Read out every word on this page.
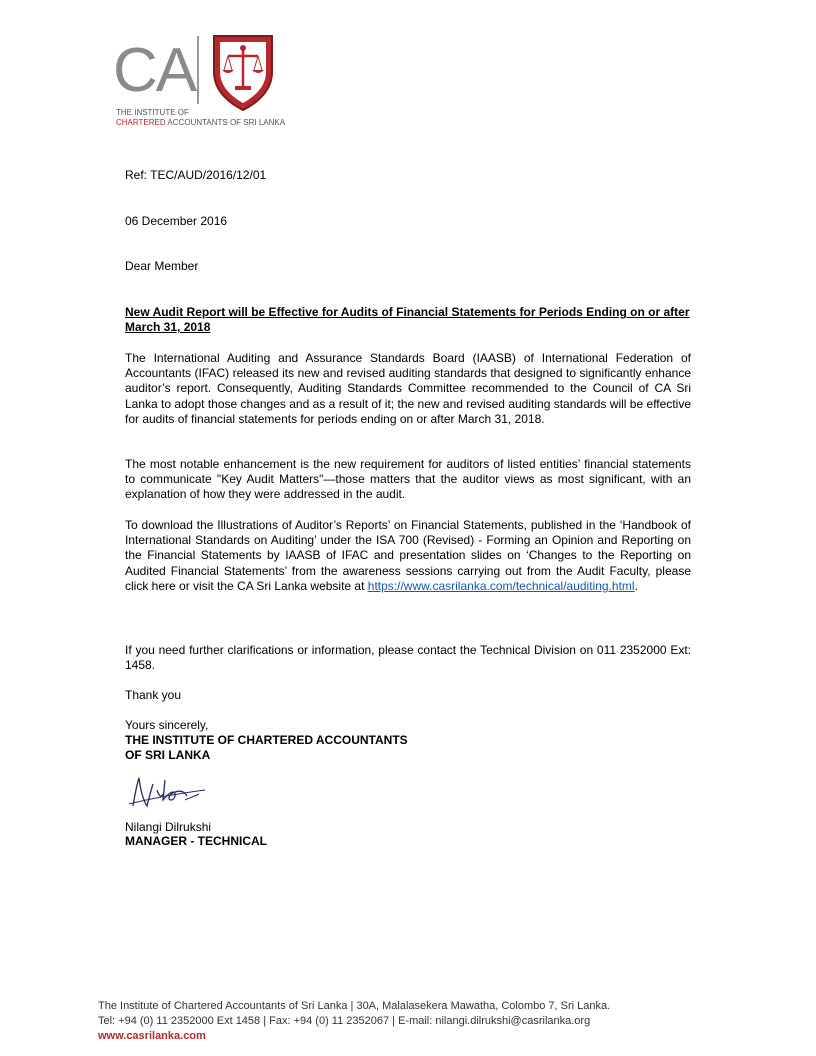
CA
THE INSTITUTE OF
CHARTERED ACCOUNTANTS OF SRI LANKA
Ref: TEC/AUD/2016/12/01
06 December 2016
Dear Member
New Audit Report will be Effective for Audits of Financial Statements for Periods Ending on or after March 31, 2018
The International Auditing and Assurance Standards Board (IAASB) of International Federation of Accountants (IFAC) released its new and revised auditing standards that designed to significantly enhance auditor’s report. Consequently, Auditing Standards Committee recommended to the Council of CA Sri Lanka to adopt those changes and as a result of it; the new and revised auditing standards will be effective for audits of financial statements for periods ending on or after March 31, 2018.
The most notable enhancement is the new requirement for auditors of listed entities’ financial statements to communicate "Key Audit Matters"—those matters that the auditor views as most significant, with an explanation of how they were addressed in the audit.
To download the Illustrations of Auditor’s Reports’ on Financial Statements, published in the ‘Handbook of International Standards on Auditing’ under the ISA 700 (Revised) - Forming an Opinion and Reporting on the Financial Statements by IAASB of IFAC and presentation slides on ‘Changes to the Reporting on Audited Financial Statements’ from the awareness sessions carrying out from the Audit Faculty, please click here or visit the CA Sri Lanka website at https://www.casrilanka.com/technical/auditing.html.
If you need further clarifications or information, please contact the Technical Division on 011 2352000 Ext: 1458.
Thank you
Yours sincerely,
THE INSTITUTE OF CHARTERED ACCOUNTANTS
OF SRI LANKA
Nilangi Dilrukshi
MANAGER - TECHNICAL
The Institute of Chartered Accountants of Sri Lanka | 30A, Malalasekera Mawatha, Colombo 7, Sri Lanka.
Tel: +94 (0) 11 2352000 Ext 1458 | Fax: +94 (0) 11 2352067 | E-mail: nilangi.dilrukshi@casrilanka.org
www.casrilanka.com
